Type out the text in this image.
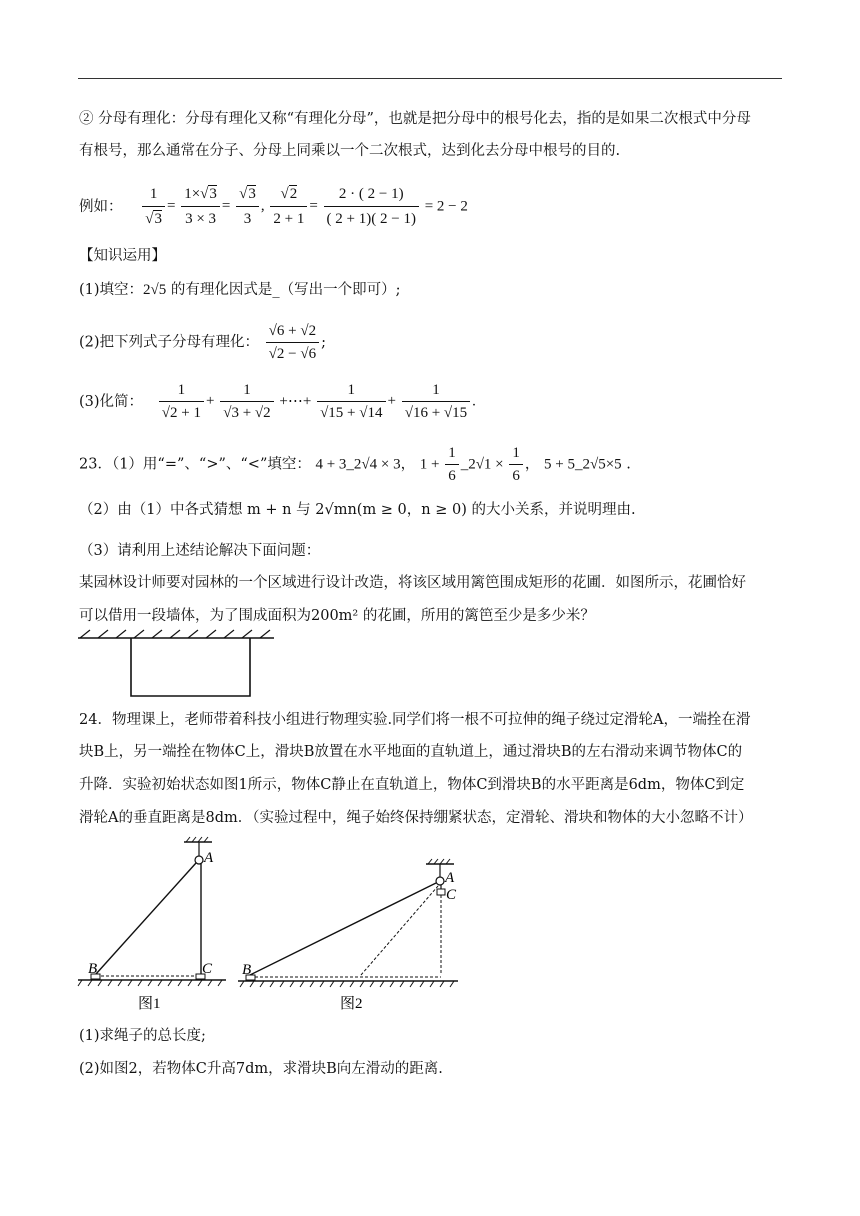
② 分母有理化：分母有理化又称“有理化分母”，也就是把分母中的根号化去，指的是如果二次根式中分母
有根号，那么通常在分子、分母上同乘以一个二次根式，达到化去分母中根号的目的.
例如： 1
√ $3 = \frac{1\times √ 3}{3 \times 3}$ = √ $\frac{3}{3}$ , √ $\frac{2}{2 + 1} = \frac{2 \cdot ( 2 - 1)}{( 2 + 1)( 2 - 1)} = 2 - 2$
【知识运用】
(1)填空：2√5 的有理化因式是_（写出一个即可）;
(2)把下列式子分母有理化： $\frac{√6 + √2}{√2 - √6}$ ;
(3)化简： $\frac{1}{√2 + 1} + \frac{1}{√3 + √2}$ +⋯+ $\frac{1}{√15 + √14} + \frac{1}{√16 + √15}$ .
23．（1）用“=”、“>”、“<”填空： 4 + 3_2√4 × 3， $1 + \frac{1}{6}$ _2√1 × $\frac{1}{6}$ ， 5 + 5_2√5×5 .
（2）由（1）中各式猜想 m + n 与 2√mn(m ≥ 0，n ≥ 0) 的大小关系，并说明理由.
（3）请利用上述结论解决下面问题：
某园林设计师要对园林的一个区域进行设计改造，将该区域用篱笆围成矩形的花圃．如图所示，花圃恰好
可以借用一段墙体，为了围成面积为200m² 的花圃，所用的篱笆至少是多少米？
24．物理课上，老师带着科技小组进行物理实验.同学们将一根不可拉伸的绳子绕过定滑轮A，一端拴在滑
块B上，另一端拴在物体C上，滑块B放置在水平地面的直轨道上，通过滑块B的左右滑动来调节物体C的
升降．实验初始状态如图1所示，物体C静止在直轨道上，物体C到滑块B的水平距离是6dm，物体C到定
滑轮A的垂直距离是8dm．（实验过程中，绳子始终保持绷紧状态，定滑轮、滑块和物体的大小忽略不计）
A
B	C
图1
A
C
B
图2
(1)求绳子的总长度;
(2)如图2，若物体C升高7dm，求滑块B向左滑动的距离.
